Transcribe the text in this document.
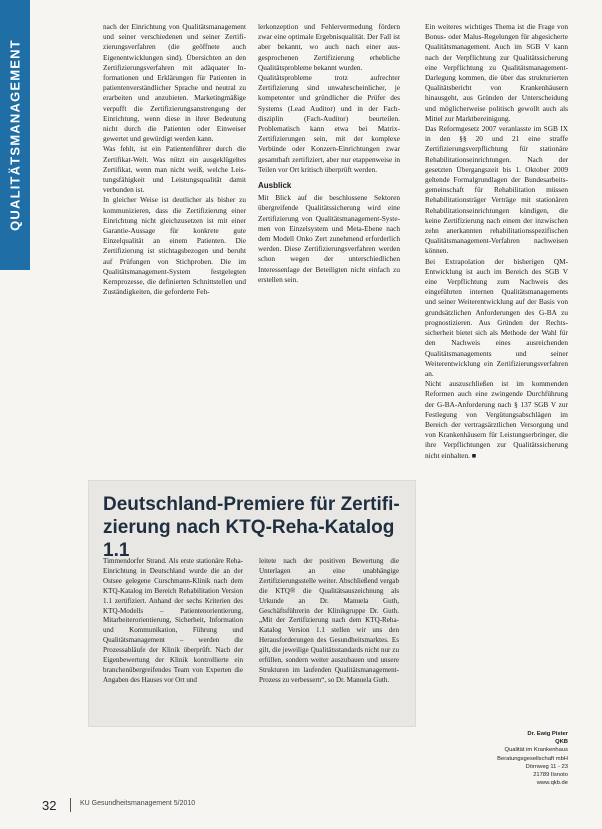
QUALITÄTSMANAGEMENT

nach der Einrichtung von Qualitätsmanagement und seiner verschiedenen und seiner Zertifizierungsverfahren (die geöffnete auch Eigenentwicklungen sind). Übersichten an den Zertifizierungsverfahren mit adäquater Informationen und Erklärungen für Patienten in patientenverständlicher Sprache und neutral zu erarbeiten und anzubieten. Marketingmäßige verpufft die Zertifizierungsanstrengung der Einrichtung, wenn diese in ihrer Bedeutung nicht durch die Patienten oder Einweiser gewertet und gewürdigt werden kann.

Was fehlt, ist ein Patientenführer durch die Zertifikat-Welt. Was nützt ein ausgeklügeltes Zertifikat, wenn man nicht weiß, welche Leistungsfähigkeit und Leistungsqualität damit verbunden ist.

In gleicher Weise ist deutlicher als bisher zu kommunizieren, dass die Zertifizierung einer Einrichtung nicht gleichzusetzen ist mit einer Garantie-Aussage für konkrete gute Einzelqualität an einem Patienten. Die Zertifizierung ist stichtagsbezogen und beruht auf Prüfungen von Stichproben. Die im Qualitätsmanagement-System festgelegten Kernprozesse, die definierten Schnittstellen und Zuständigkeiten, die geforderte Feh-

lerkonzeption und Fehlervermedung fördern zwar eine optimale Ergebnisqualität. Der Fall ist aber bekannt, wo auch nach einer ausgesprochenen Zertifizierung erhebliche Qualitätsprobleme bekannt wurden.

Qualitätsprobleme trotz aufrechter Zertifizierung sind unwahrscheinlicher, je kompetenter und gründlicher die Prüfer des Systems (Lead Auditor) und in der Fachdisziplin (Fach-Auditor) beurteilen. Problematisch kann etwa bei Matrix-Zertifizierungen sein, mit der komplexe Verbünde oder Konzern-Einrichtungen zwar gesamthaft zertifiziert, aber nur etappenweise in Teilen vor Ort kritisch überprüft werden.

Ausblick

Mit Blick auf die beschlossene Sektoren übergreifende Qualitätssicherung wird eine Zertifizierung von Qualitätsmanagement-Systemen von Einzelsystem und Meta-Ebene nach dem Modell Onko Zert zunehmend erforderlich werden. Diese Zertifizierungsverfahren werden schon wegen der unterschiedlichen Interessenlage der Beteiligten nicht einfach zu erstellen sein.

Ein weiteres wichtiges Thema ist die Frage von Bonus- oder Malus-Regelungen für abgesicherte Qualitätsmanagement. Auch im SGB V kann nach der Verpflichtung zur Qualitätssicherung eine Verpflichtung zu Qualitätsmanagement-Darlegung kommen, die über das strukturierten Qualitätsbericht von Krankenhäusern hinausgeht, aus Gründen der Unterscheidung und möglicherweise politisch gewollt auch als Mittel zur Marktbereinigung.

Das Reformgesetz 2007 veranlasste im SGB IX in den §§ 20 und 21 eine straffe Zertifizierungsverpflichtung für stationäre Rehabilitationseinrichtungen. Nach der gesetzten Übergangszeit bis 1. Oktober 2009 geltende Formalgrundlagen der Bundesarbeitsgemeinschaft für Rehabilitation müssen Rehabilitationsträger Verträge mit stationären Rehabilitationseinrichtungen kündigen, die keine Zertifizierung nach einem der inzwischen zehn anerkannten rehabilitationsspezifischen Qualitätsmanagement-Verfahren nachweisen können.

Bei Extrapolation der bisherigen QM-Entwicklung ist auch im Bereich des SGB V eine Verpflichtung zum Nachweis des eingeführten internen Qualitätsmanagements und seiner Weiterentwicklung auf der Basis von grundsätzlichen Anforderungen des G-BA zu prognostizieren. Aus Gründen der Rechtssicherheit bietet sich als Methode der Wahl für den Nachweis eines ausreichenden Qualitätsmanagements und seiner Weiterentwicklung ein Zertifizierungsverfahren an.

Nicht auszuschließen ist im kommenden Reformen auch eine zwingende Durchführung der G-BA-Anforderung nach § 137 SGB V zur Festlegung von Vergütungsabschlägen im Bereich der vertragsärztlichen Versorgung und von Krankenhäusern für Leistungserbringer, die ihre Verpflichtungen zur Qualitätssicherung nicht einhalten. ■

Deutschland-Premiere für Zertifizierung nach KTQ-Reha-Katalog 1.1

Timmendorfer Strand. Als erste stationäre Reha-Einrichtung in Deutschland wurde die an der Ostsee gelegene Curschmann-Klinik nach dem KTQ-Katalog im Bereich Rehabilitation Version 1.1 zertifiziert. Anhand der sechs Kriterien des KTQ-Modells – Patientenorientierung, Mitarbeiterorientierung, Sicherheit, Information und Kommunikation, Führung und Qualitätsmanagement – werden die Prozessabläufe der Klinik überprüft. Nach der Eigenbewertung der Klinik kontrollierte ein branchenübergreifendes Team von Experten die Angaben des Hauses vor Ort und

leitete nach der positiven Bewertung die Unterlagen an eine unabhängige Zertifizierungsstelle weiter. Abschließend vergab die KTQ® die Qualitätsauszeichnung als Urkunde an Dr. Manuela Guth, Geschäftsführerin der Klinikgruppe Dr. Guth. „Mit der Zertifizierung nach dem KTQ-Reha-Katalog Version 1.1 stellen wir uns den Herausforderungen des Gesundheitsmarktes. Es gilt, die jeweilige Qualitätsstandards nicht nur zu erfüllen, sondern weiter auszubauen und unsere Strukturen im laufenden Qualitätsmanagement-Prozess zu verbessern“, so Dr. Manuela Guth.

Dr. Ewig Pister
QKB
Qualität im Krankenhaus
Beratungsgesellschaft mbH
Dörnweg 11 - 23
21789 Ilsnoto
www.qkb.de
32	KU Gesundheitsmanagement 5/2010
